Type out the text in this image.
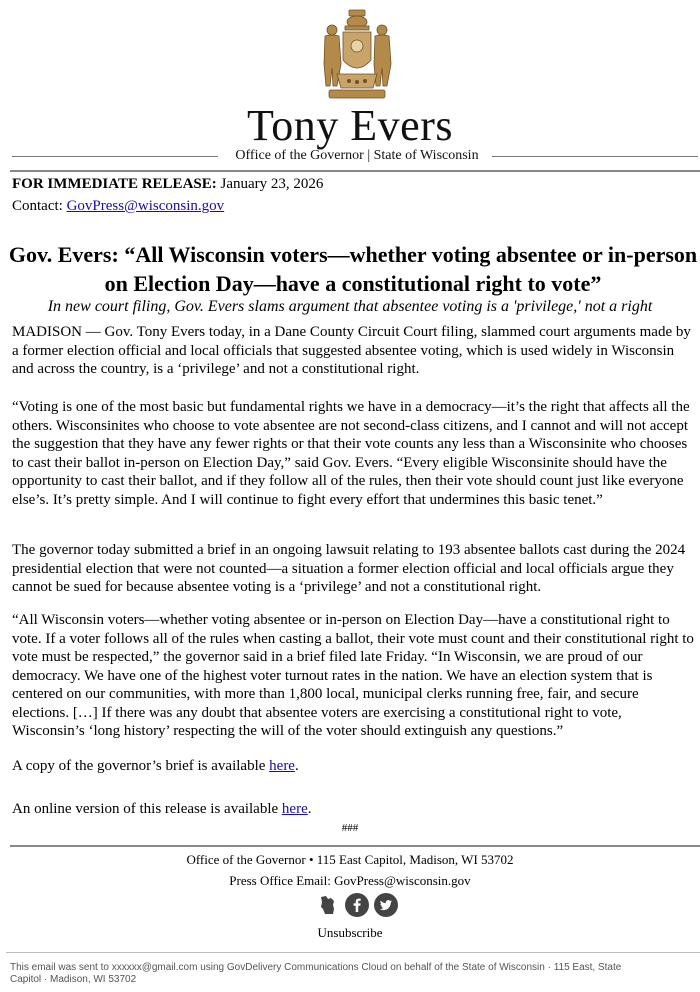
Tony Evers
Office of the Governor | State of Wisconsin
FOR IMMEDIATE RELEASE: January 23, 2026
Contact: GovPress@wisconsin.gov
Gov. Evers: “All Wisconsin voters—whether voting absentee or in-person on Election Day—have a constitutional right to vote”
In new court filing, Gov. Evers slams argument that absentee voting is a 'privilege,' not a right

MADISON — Gov. Tony Evers today, in a Dane County Circuit Court filing, slammed court arguments made by a former election official and local officials that suggested absentee voting, which is used widely in Wisconsin and across the country, is a ‘privilege’ and not a constitutional right.

“Voting is one of the most basic but fundamental rights we have in a democracy—it’s the right that affects all the others. Wisconsinites who choose to vote absentee are not second-class citizens, and I cannot and will not accept the suggestion that they have any fewer rights or that their vote counts any less than a Wisconsinite who chooses to cast their ballot in-person on Election Day,” said Gov. Evers. “Every eligible Wisconsinite should have the opportunity to cast their ballot, and if they follow all of the rules, then their vote should count just like everyone else’s. It’s pretty simple. And I will continue to fight every effort that undermines this basic tenet.”

The governor today submitted a brief in an ongoing lawsuit relating to 193 absentee ballots cast during the 2024 presidential election that were not counted—a situation a former election official and local officials argue they cannot be sued for because absentee voting is a ‘privilege’ and not a constitutional right.

“All Wisconsin voters—whether voting absentee or in-person on Election Day—have a constitutional right to vote. If a voter follows all of the rules when casting a ballot, their vote must count and their constitutional right to vote must be respected,” the governor said in a brief filed late Friday. “In Wisconsin, we are proud of our democracy. We have one of the highest voter turnout rates in the nation. We have an election system that is centered on our communities, with more than 1,800 local, municipal clerks running free, fair, and secure elections. […] If there was any doubt that absentee voters are exercising a constitutional right to vote, Wisconsin’s ‘long history’ respecting the will of the voter should extinguish any questions.”

A copy of the governor’s brief is available here.

An online version of this release is available here.

###
Office of the Governor • 115 East Capitol, Madison, WI 53702
Press Office Email: GovPress@wisconsin.gov
Unsubscribe

This email was sent to xxxxxx@gmail.com using GovDelivery Communications Cloud on behalf of the State of Wisconsin · 115 East, State Capitol · Madison, WI 53702
